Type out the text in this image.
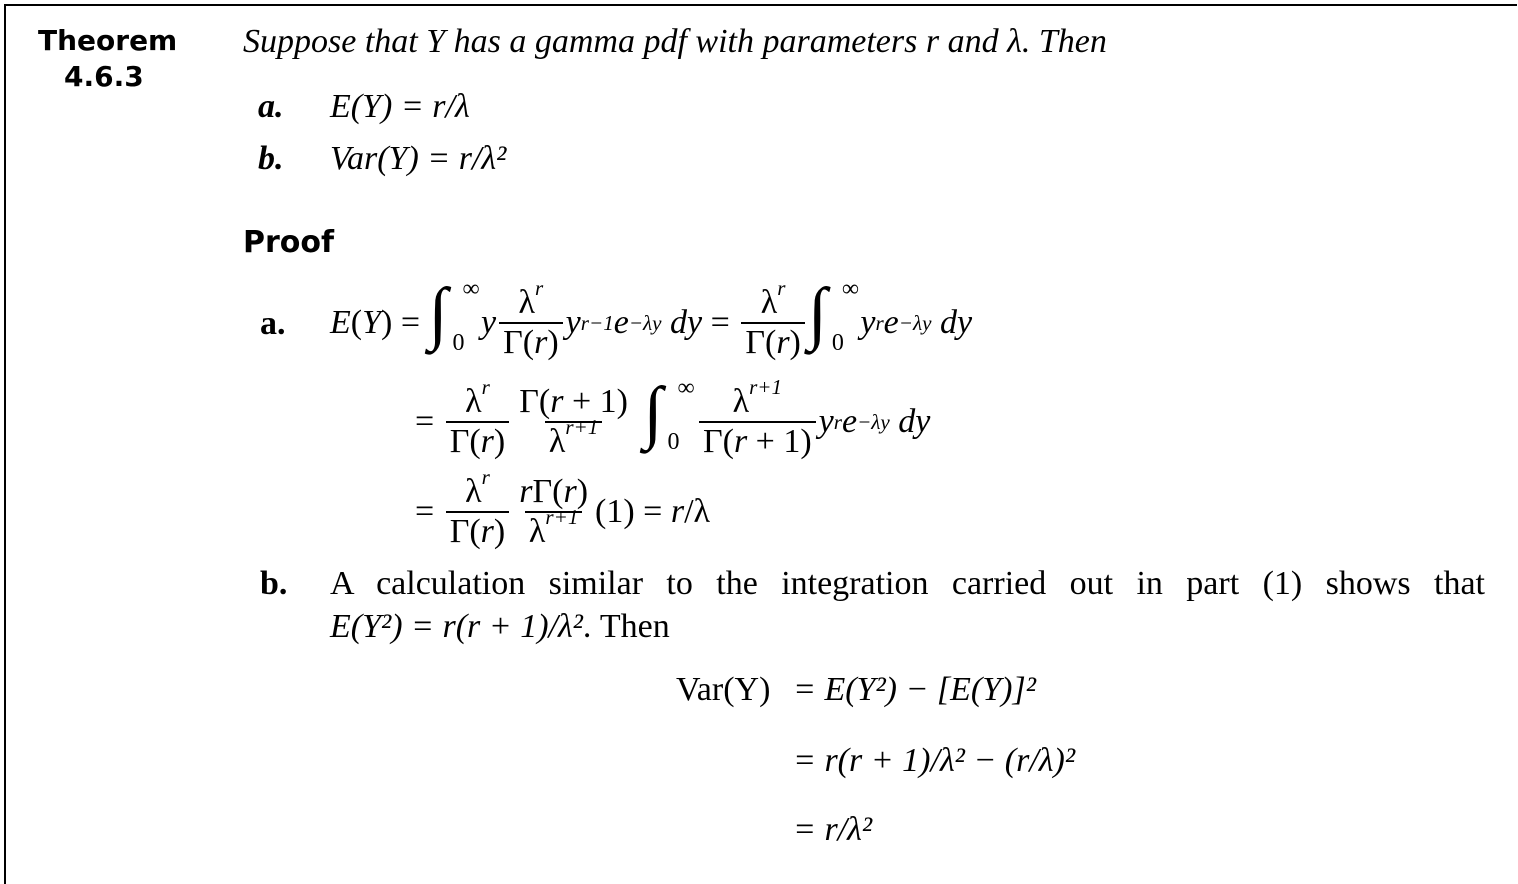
Theorem
4.6.3
Suppose that Y has a gamma pdf with parameters r and λ. Then
a. E(Y) = r/λ
b. Var(Y) = r/λ²
Proof
a. E ( Y ) = ∫ ∞
0
y $\frac{\lambda^r}{\Gamma(r)}$ y r−1 e −λy
dy = $\frac{\lambda^r}{\Gamma(r)}$ ∫ ∞
0

y r e −λy
dy
= $\frac{\lambda^r}{\Gamma(r)} \frac{\Gamma(r + 1)}{\lambda^{r+1}}$
∫ ∞
0
$\frac{\lambda^{r+1}}{\Gamma(r + 1)}$ y r e −λy
dy
= $\frac{\lambda^r}{\Gamma(r)} \frac{r\Gamma(r)}{\lambda^{r+1}} (1) = r$ /λ
b. A calculation similar to the integration carried out in part (1) shows that
E(Y²) = r(r + 1)/λ². Then
Var(Y) = E(Y²) − [E(Y)]²
= r(r + 1)/λ² − (r/λ)²
= r/λ²
